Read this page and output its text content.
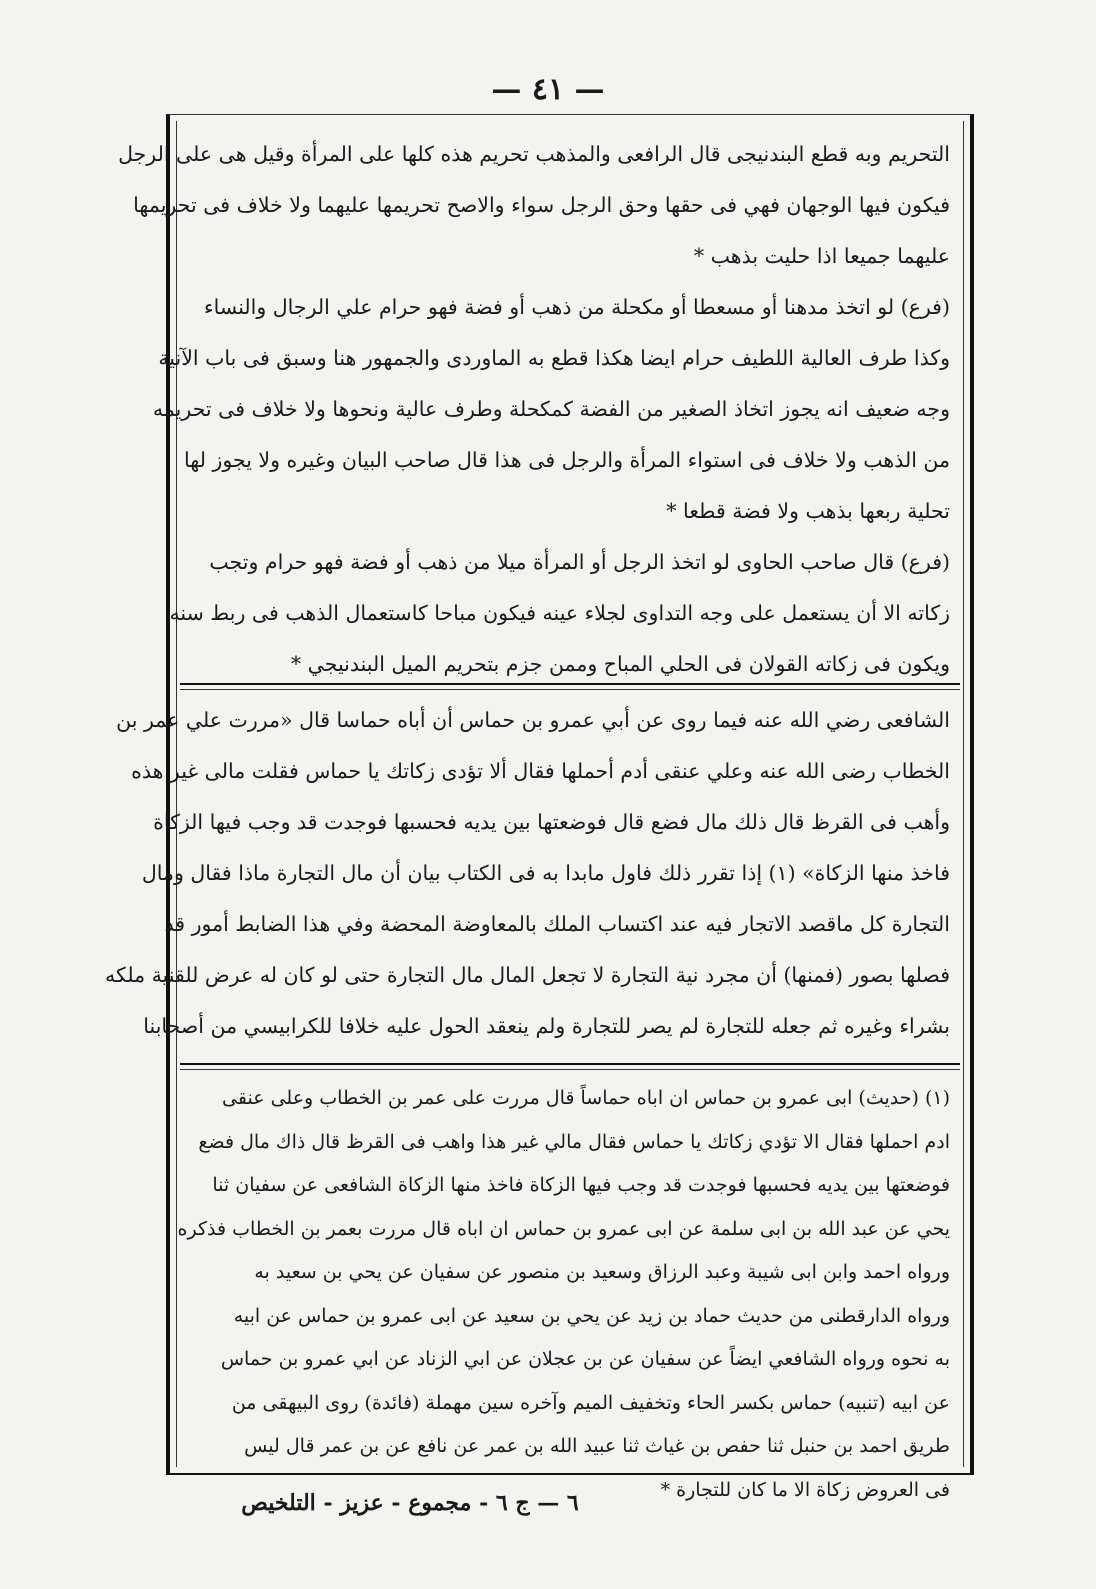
— ٤١ —
التحريم وبه قطع البندنيجى قال الرافعى والمذهب تحريم هذه كلها على المرأة وقيل هى على الرجل
فيكون فيها الوجهان فهي فى حقها وحق الرجل سواء والاصح تحريمها عليهما ولا خلاف فى تحريمها
عليهما جميعا اذا حليت بذهب *
(فرع) لو اتخذ مدهنا أو مسعطا أو مكحلة من ذهب أو فضة فهو حرام علي الرجال والنساء
وكذا طرف العالية اللطيف حرام ايضا هكذا قطع به الماوردى والجمهور هنا وسبق فى باب الآنية
وجه ضعيف انه يجوز اتخاذ الصغير من الفضة كمكحلة وطرف عالية ونحوها ولا خلاف فى تحريمه
من الذهب ولا خلاف فى استواء المرأة والرجل فى هذا قال صاحب البيان وغيره ولا يجوز لها
تحلية ربعها بذهب ولا فضة قطعا *
(فرع) قال صاحب الحاوى لو اتخذ الرجل أو المرأة ميلا من ذهب أو فضة فهو حرام وتجب
زكاته الا أن يستعمل على وجه التداوى لجلاء عينه فيكون مباحا كاستعمال الذهب فى ربط سنه
ويكون فى زكاته القولان فى الحلي المباح وممن جزم بتحريم الميل البندنيجي *
الشافعى رضي الله عنه فيما روى عن أبي عمرو بن حماس أن أباه حماسا قال «مررت علي عمر بن
الخطاب رضى الله عنه وعلي عنقى أدم أحملها فقال ألا تؤدى زكاتك يا حماس فقلت مالى غير هذه
وأهب فى القرظ قال ذلك مال فضع قال فوضعتها بين يديه فحسبها فوجدت قد وجب فيها الزكاة
فاخذ منها الزكاة» (١) إذا تقرر ذلك فاول مابدا به فى الكتاب بيان أن مال التجارة ماذا فقال ومال
التجارة كل ماقصد الاتجار فيه عند اكتساب الملك بالمعاوضة المحضة وفي هذا الضابط أمور قد
فصلها بصور (فمنها) أن مجرد نية التجارة لا تجعل المال مال التجارة حتى لو كان له عرض للقنية ملكه
بشراء وغيره ثم جعله للتجارة لم يصر للتجارة ولم ينعقد الحول عليه خلافا للكرابيسي من أصحابنا
(١) (حديث) ابى عمرو بن حماس ان اباه حماساً قال مررت على عمر بن الخطاب وعلى عنقى
ادم احملها فقال الا تؤدي زكاتك يا حماس فقال مالي غير هذا واهب فى القرظ قال ذاك مال فضع
فوضعتها بين يديه فحسبها فوجدت قد وجب فيها الزكاة فاخذ منها الزكاة الشافعى عن سفيان ثنا
يحي عن عبد الله بن ابى سلمة عن ابى عمرو بن حماس ان اباه قال مررت بعمر بن الخطاب فذكره
ورواه احمد وابن ابى شيبة وعبد الرزاق وسعيد بن منصور عن سفيان عن يحي بن سعيد به
ورواه الدارقطنى من حديث حماد بن زيد عن يحي بن سعيد عن ابى عمرو بن حماس عن ابيه
به نحوه ورواه الشافعي ايضاً عن سفيان عن بن عجلان عن ابي الزناد عن ابي عمرو بن حماس
عن ابيه (تنبيه) حماس بكسر الحاء وتخفيف الميم وآخره سين مهملة (فائدة) روى البيهقى من
طريق احمد بن حنبل ثنا حفص بن غياث ثنا عبيد الله بن عمر عن نافع عن بن عمر قال ليس
فى العروض زكاة الا ما كان للتجارة *
٦ — ج ٦ - مجموع - عزيز - التلخيص
